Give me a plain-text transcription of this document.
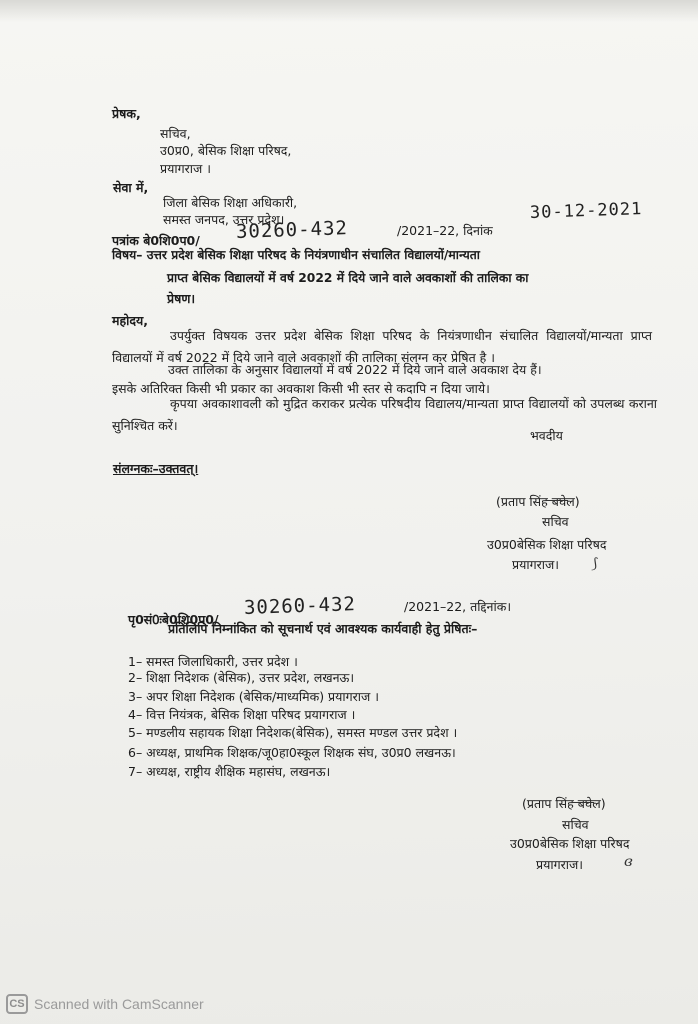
प्रेषक,
सचिव,
उ0प्र0, बेसिक शिक्षा परिषद,
प्रयागराज ।
सेवा में,
जिला बेसिक शिक्षा अधिकारी,
समस्त जनपद, उत्तर प्रदेश।
पत्रांक बे0शि0प0/ 30260-432	/2021–22, दिनांक
30-12-2021
विषय– उत्तर प्रदेश बेसिक शिक्षा परिषद के नियंत्रणाधीन संचालित विद्यालयों/मान्यता
प्राप्त बेसिक विद्यालयों में वर्ष 2022 में दिये जाने वाले अवकाशों की तालिका का
प्रेषण।
महोदय,
उपर्युक्त विषयक उत्तर प्रदेश बेसिक शिक्षा परिषद के नियंत्रणाधीन संचालित विद्यालयों/मान्यता प्राप्त विद्यालयों में वर्ष 2022 में दिये जाने वाले अवकाशों की तालिका संलग्न कर प्रेषित है ।
उक्त तालिका के अनुसार विद्यालयों में वर्ष 2022 में दिये जाने वाले अवकाश देय हैं।
इसके अतिरिक्त किसी भी प्रकार का अवकाश किसी भी स्तर से कदापि न दिया जाये।
कृपया अवकाशावली को मुद्रित कराकर प्रत्येक परिषदीय विद्यालय/मान्यता प्राप्त विद्यालयों को उपलब्ध कराना सुनिश्चित करें।
संलग्नकः–उक्तवत्।
भवदीय
(प्रताप सिंह बघेल)
सचिव
उ0प्र0बेसिक शिक्षा परिषद
प्रयागराज। ⟆
पृ0सं0ःबे0शि0प0/
30260-432	/2021–22, तद्दिनांक।
प्रतिलिपि निम्नांकित को सूचनार्थ एवं आवश्यक कार्यवाही हेतु प्रेषितः–
1– समस्त जिलाधिकारी, उत्तर प्रदेश ।
2– शिक्षा निदेशक (बेसिक), उत्तर प्रदेश, लखनऊ।
3– अपर शिक्षा निदेशक (बेसिक/माध्यमिक) प्रयागराज ।
4– वित्त नियंत्रक, बेसिक शिक्षा परिषद प्रयागराज ।
5– मण्डलीय सहायक शिक्षा निदेशक(बेसिक), समस्त मण्डल उत्तर प्रदेश ।
6– अध्यक्ष, प्राथमिक शिक्षक/जू0हा0स्कूल शिक्षक संघ, उ0प्र0 लखनऊ।
7– अध्यक्ष, राष्ट्रीय शैक्षिक महासंघ, लखनऊ।
(प्रताप सिंह बघेल)
सचिव
उ0प्र0बेसिक शिक्षा परिषद
प्रयागराज।	ɞ
CS Scanned with CamScanner
